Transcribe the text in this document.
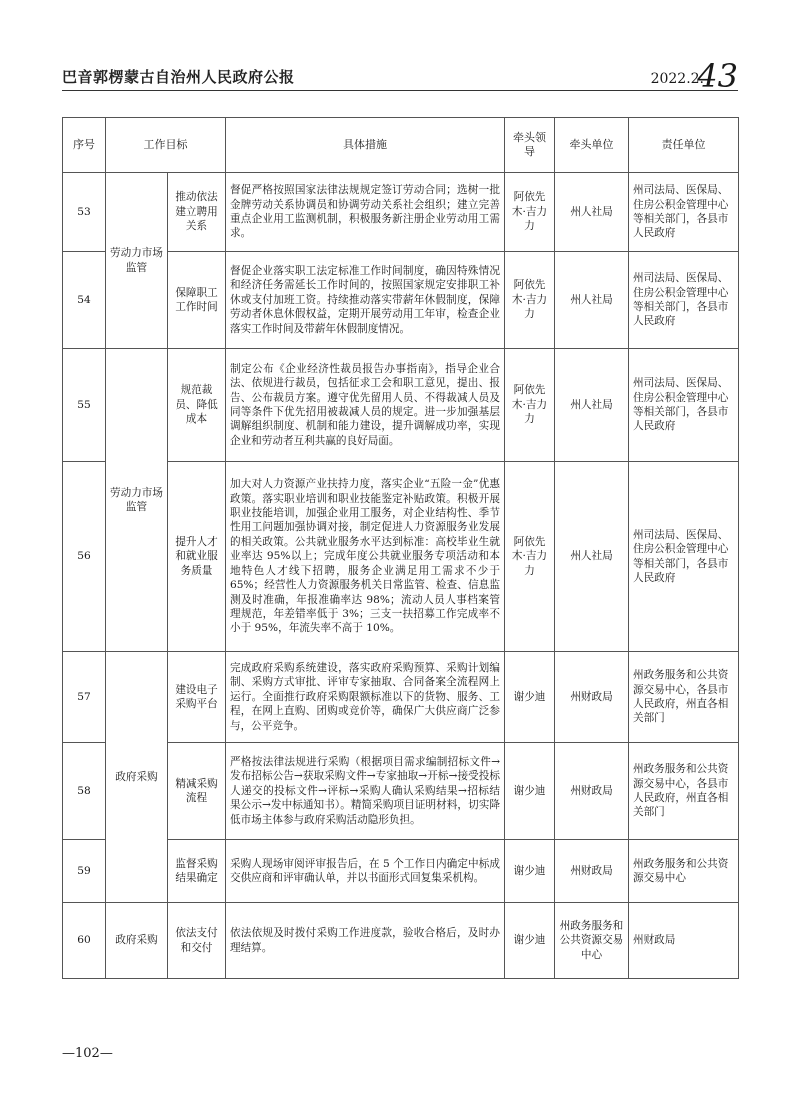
巴音郭楞蒙古自治州人民政府公报	2022.2.
43
序号	工作目标		具体措施	牵头领导	牵头单位	责任单位
53	劳动力市场监管	推动依法建立聘用关系	督促严格按照国家法律法规规定签订劳动合同；选树一批金牌劳动关系协调员和协调劳动关系社会组织；建立完善重点企业用工监测机制，积极服务新注册企业劳动用工需求。	阿依先木·吉力力	州人社局	州司法局、医保局、住房公积金管理中心等相关部门，各县市人民政府
54		保障职工工作时间	督促企业落实职工法定标准工作时间制度，确因特殊情况和经济任务需延长工作时间的，按照国家规定安排职工补休或支付加班工资。持续推动落实带薪年休假制度，保障劳动者休息休假权益，定期开展劳动用工年审，检查企业落实工作时间及带薪年休假制度情况。	阿依先木·吉力力	州人社局	州司法局、医保局、住房公积金管理中心等相关部门，各县市人民政府
55	劳动力市场监管	规范裁员、降低成本	制定公布《企业经济性裁员报告办事指南》，指导企业合法、依规进行裁员，包括征求工会和职工意见，提出、报告、公布裁员方案。遵守优先留用人员、不得裁减人员及同等条件下优先招用被裁减人员的规定。进一步加强基层调解组织制度、机制和能力建设，提升调解成功率，实现企业和劳动者互利共赢的良好局面。	阿依先木·吉力力	州人社局	州司法局、医保局、住房公积金管理中心等相关部门，各县市人民政府
56		提升人才和就业服务质量	加大对人力资源产业扶持力度，落实企业“五险一金”优惠政策。落实职业培训和职业技能鉴定补贴政策。积极开展职业技能培训，加强企业用工服务，对企业结构性、季节性用工问题加强协调对接，制定促进人力资源服务业发展的相关政策。公共就业服务水平达到标准：高校毕业生就业率达 95%以上；完成年度公共就业服务专项活动和本地特色人才线下招聘，服务企业满足用工需求不少于 65%；经营性人力资源服务机关日常监管、检查、信息监测及时准确，年报准确率达 98%；流动人员人事档案管理规范，年差错率低于 3%；三支一扶招募工作完成率不小于 95%，年流失率不高于 10%。	阿依先木·吉力力	州人社局	州司法局、医保局、住房公积金管理中心等相关部门，各县市人民政府
57	政府采购	建设电子采购平台	完成政府采购系统建设，落实政府采购预算、采购计划编制、采购方式审批、评审专家抽取、合同备案全流程网上运行。全面推行政府采购限额标准以下的货物、服务、工程，在网上直购、团购或竞价等，确保广大供应商广泛参与，公平竞争。	谢少迪	州财政局	州政务服务和公共资源交易中心，各县市人民政府，州直各相关部门
58		精减采购流程	严格按法律法规进行采购（根据项目需求编制招标文件→发布招标公告→获取采购文件→专家抽取→开标→接受投标人递交的投标文件→评标→采购人确认采购结果→招标结果公示→发中标通知书）。精简采购项目证明材料，切实降低市场主体参与政府采购活动隐形负担。	谢少迪	州财政局	州政务服务和公共资源交易中心，各县市人民政府，州直各相关部门
59		监督采购结果确定	采购人现场审阅评审报告后，在 5 个工作日内确定中标成交供应商和评审确认单，并以书面形式回复集采机构。	谢少迪	州财政局	州政务服务和公共资源交易中心
60	政府采购	依法支付和交付	依法依规及时拨付采购工作进度款，验收合格后，及时办理结算。	谢少迪	州政务服务和公共资源交易中心	州财政局
—102—
